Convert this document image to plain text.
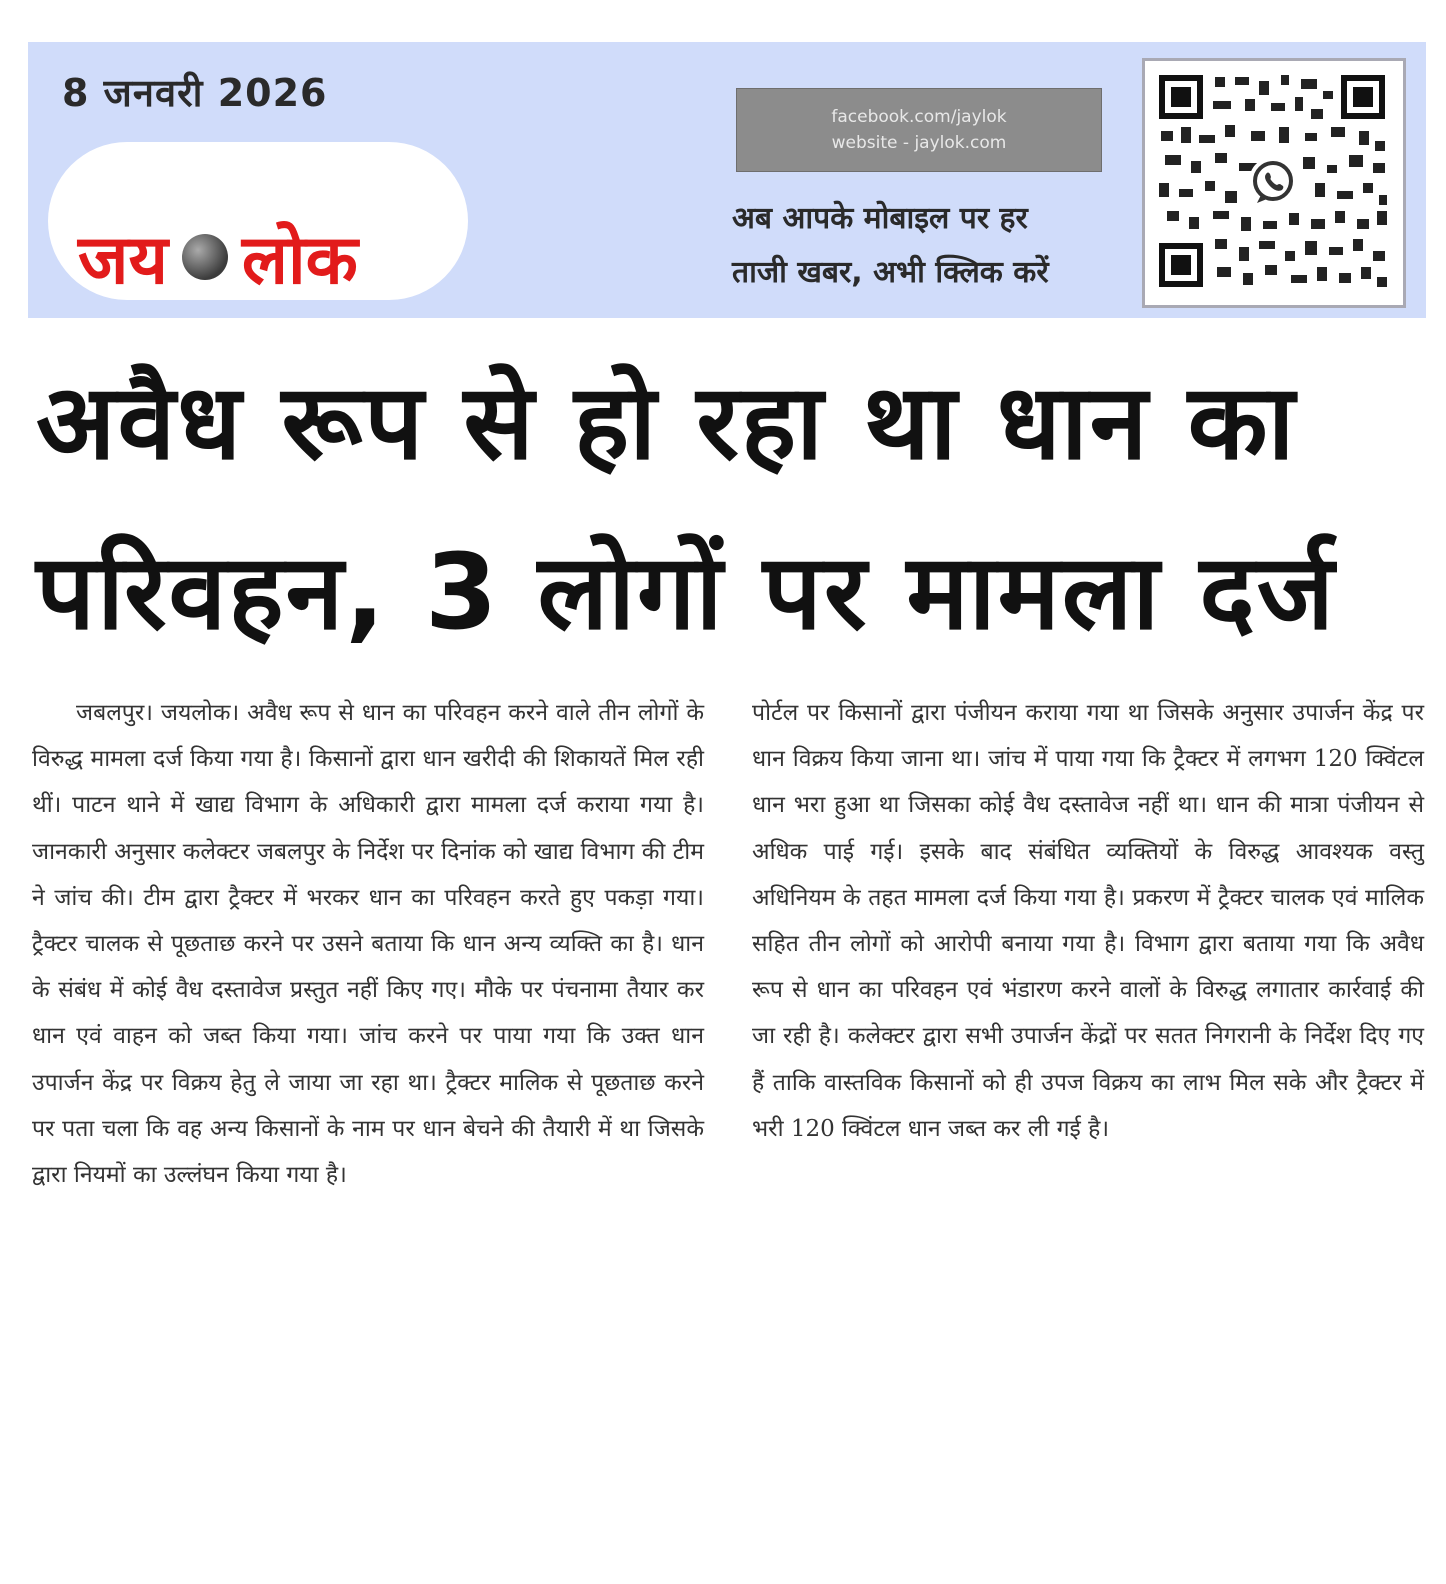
8 जनवरी 2026
जय लोक
facebook.com/jaylok
website - jaylok.com
अब आपके मोबाइल पर हर
ताजी खबर, अभी क्लिक करें
अवैध रूप से हो रहा था धान का
परिवहन, 3 लोगों पर मामला दर्ज
जबलपुर। जयलोक। अवैध रूप से धान का परिवहन करने वाले तीन लोगों के विरुद्ध मामला दर्ज किया गया है। किसानों द्वारा धान खरीदी की शिकायतें मिल रही थीं। पाटन थाने में खाद्य विभाग के अधिकारी द्वारा मामला दर्ज कराया गया है। जानकारी अनुसार कलेक्टर जबलपुर के निर्देश पर दिनांक को खाद्य विभाग की टीम ने जांच की। टीम द्वारा ट्रैक्टर में भरकर धान का परिवहन करते हुए पकड़ा गया। ट्रैक्टर चालक से पूछताछ करने पर उसने बताया कि धान अन्य व्यक्ति का है। धान के संबंध में कोई वैध दस्तावेज प्रस्तुत नहीं किए गए। मौके पर पंचनामा तैयार कर धान एवं वाहन को जब्त किया गया। जांच करने पर पाया गया कि उक्त धान उपार्जन केंद्र पर विक्रय हेतु ले जाया जा रहा था। ट्रैक्टर मालिक से पूछताछ करने पर पता चला कि वह अन्य किसानों के नाम पर धान बेचने की तैयारी में था जिसके द्वारा नियमों का उल्लंघन किया गया है।
पोर्टल पर किसानों द्वारा पंजीयन कराया गया था जिसके अनुसार उपार्जन केंद्र पर धान विक्रय किया जाना था। जांच में पाया गया कि ट्रैक्टर में लगभग 120 क्विंटल धान भरा हुआ था जिसका कोई वैध दस्तावेज नहीं था। धान की मात्रा पंजीयन से अधिक पाई गई। इसके बाद संबंधित व्यक्तियों के विरुद्ध आवश्यक वस्तु अधिनियम के तहत मामला दर्ज किया गया है। प्रकरण में ट्रैक्टर चालक एवं मालिक सहित तीन लोगों को आरोपी बनाया गया है। विभाग द्वारा बताया गया कि अवैध रूप से धान का परिवहन एवं भंडारण करने वालों के विरुद्ध लगातार कार्रवाई की जा रही है। कलेक्टर द्वारा सभी उपार्जन केंद्रों पर सतत निगरानी के निर्देश दिए गए हैं ताकि वास्तविक किसानों को ही उपज विक्रय का लाभ मिल सके और ट्रैक्टर में भरी 120 क्विंटल धान जब्त कर ली गई है।
